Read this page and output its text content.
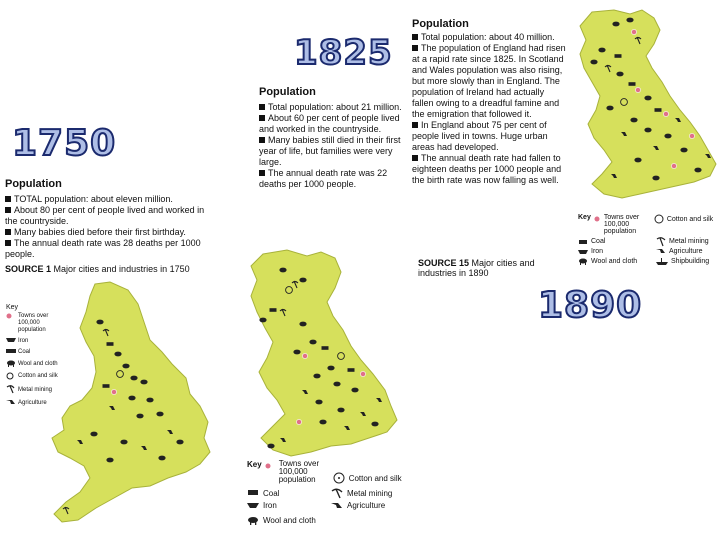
1750
1825
1890
Population
TOTAL population: about eleven million.
About 80 per cent of people lived and worked in the countryside.
Many babies died before their first birthday.
The annual death rate was 28 deaths per 1000 people.
SOURCE 1 Major cities and industries in 1750
Key
Towns over 100,000 population
Iron
Coal
Wool and cloth
Cotton and silk
Metal mining
Agriculture
Population
Total population: about 21 million.
About 60 per cent of people lived and worked in the countryside.
Many babies still died in their first year of life, but families were very large.
The annual death rate was 22 deaths per 1000 people.
Key Towns over 100,000 population	Cotton and silk
Coal	Metal mining
Iron	Agriculture
Wool and cloth
Population
Total population: about 40 million.
The population of England had risen at a rapid rate since 1825. In Scotland and Wales population was also rising, but more slowly than in England. The population of Ireland had actually fallen owing to a dreadful famine and the emigration that followed it.
In England about 75 per cent of people lived in towns. Huge urban areas had developed.
The annual death rate had fallen to eighteen deaths per 1000 people and the birth rate was now falling as well.
SOURCE 15 Major cities and industries in 1890
Key Towns over 100,000 population
Cotton and silk
Coal	Metal mining
Iron	Agriculture
Wool and cloth	Shipbuilding
